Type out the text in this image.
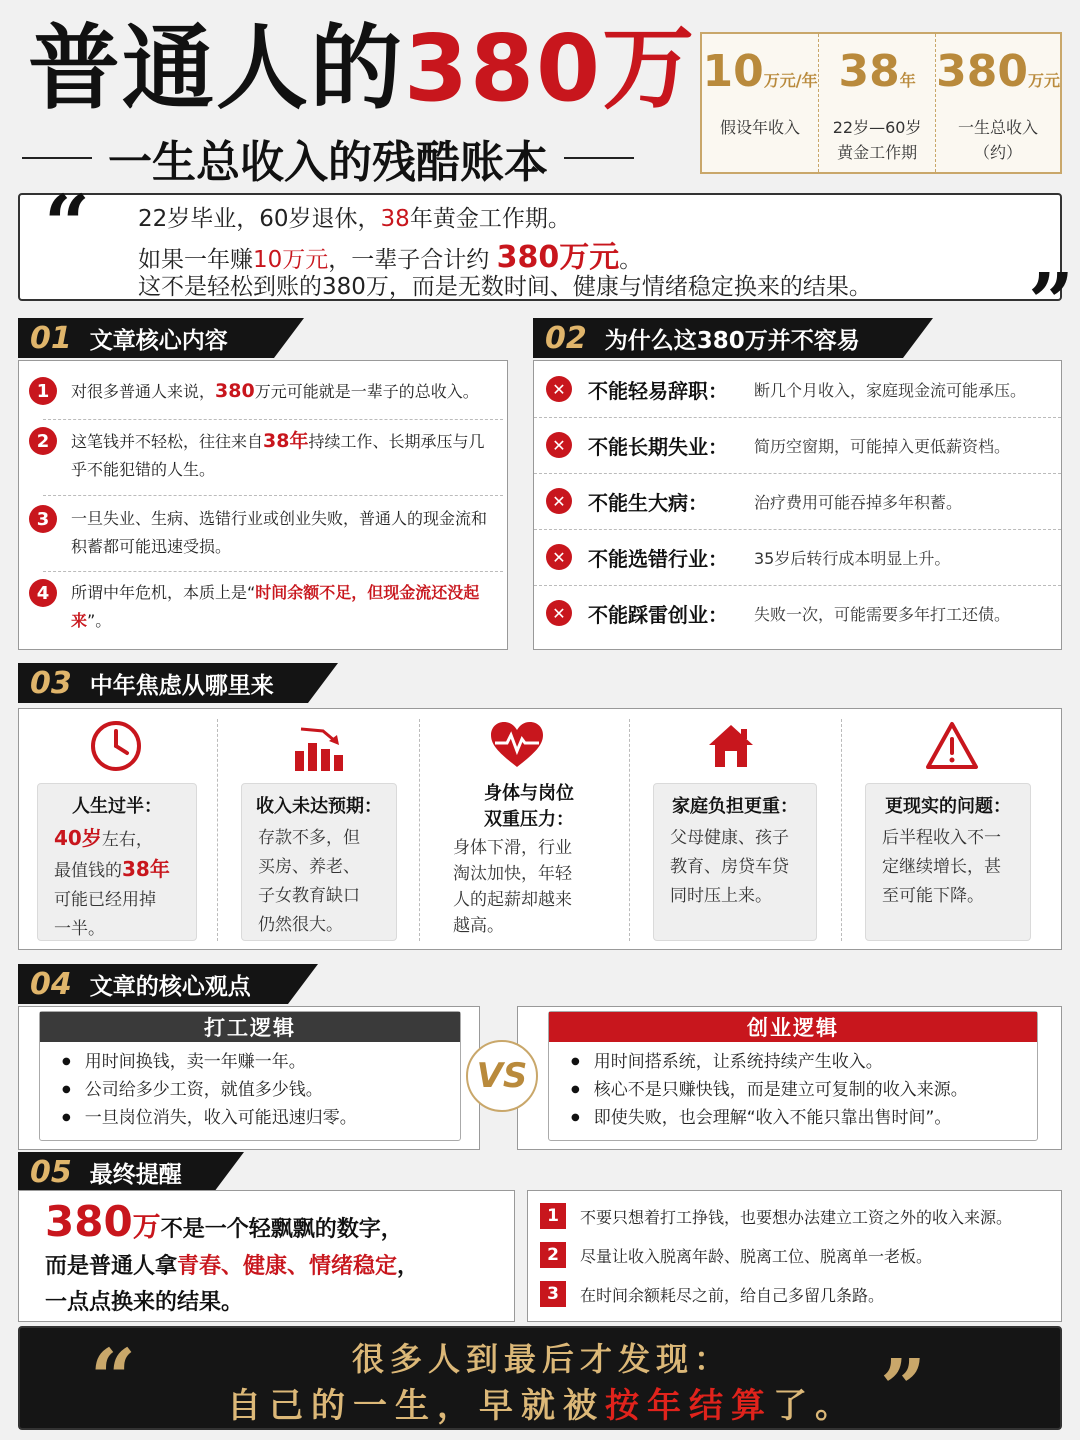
普通人的380万
一生总收入的残酷账本
10万元/年
假设年收入
38年
22岁—60岁
黄金工作期
380万元
一生总收入
（约）
“
”
22岁毕业，60岁退休，38年黄金工作期。
如果一年赚10万元，一辈子合计约 380万元。
这不是轻松到账的380万，而是无数时间、健康与情绪稳定换来的结果。
01 文章核心内容
1	对很多普通人来说，380万元可能就是一辈子的总收入。
2	这笔钱并不轻松，往往来自38年持续工作、长期承压与几乎不能犯错的人生。
3	一旦失业、生病、选错行业或创业失败，普通人的现金流和积蓄都可能迅速受损。
4	所谓中年危机，本质上是“时间余额不足，但现金流还没起来”。
02 为什么这380万并不容易
✕	不能轻易辞职：	断几个月收入，家庭现金流可能承压。
✕	不能长期失业：	简历空窗期，可能掉入更低薪资档。
✕	不能生大病：	治疗费用可能吞掉多年积蓄。
✕	不能选错行业：	35岁后转行成本明显上升。
✕	不能踩雷创业：	失败一次，可能需要多年打工还债。
03 中年焦虑从哪里来
人生过半：
40岁左右，
最值钱的38年
可能已经用掉
一半。
收入未达预期：
存款不多，但
买房、养老、
子女教育缺口
仍然很大。
身体与岗位
双重压力：
身体下滑，行业
淘汰加快，年轻
人的起薪却越来
越高。
家庭负担更重：
父母健康、孩子
教育、房贷车贷
同时压上来。
更现实的问题：
后半程收入不一
定继续增长，甚
至可能下降。
04 文章的核心观点
打工逻辑
● 用时间换钱，卖一年赚一年。
● 公司给多少工资，就值多少钱。
● 一旦岗位消失，收入可能迅速归零。
创业逻辑
● 用时间搭系统，让系统持续产生收入。
● 核心不是只赚快钱，而是建立可复制的收入来源。
● 即使失败，也会理解“收入不能只靠出售时间”。
VS
05 最终提醒
380万不是一个轻飘飘的数字，
而是普通人拿青春、健康、情绪稳定，
一点点换来的结果。
1	不要只想着打工挣钱，也要想办法建立工资之外的收入来源。
2	尽量让收入脱离年龄、脱离工位、脱离单一老板。
3	在时间余额耗尽之前，给自己多留几条路。
“	”
很多人到最后才发现：
自己的一生，早就被按年结算了。
